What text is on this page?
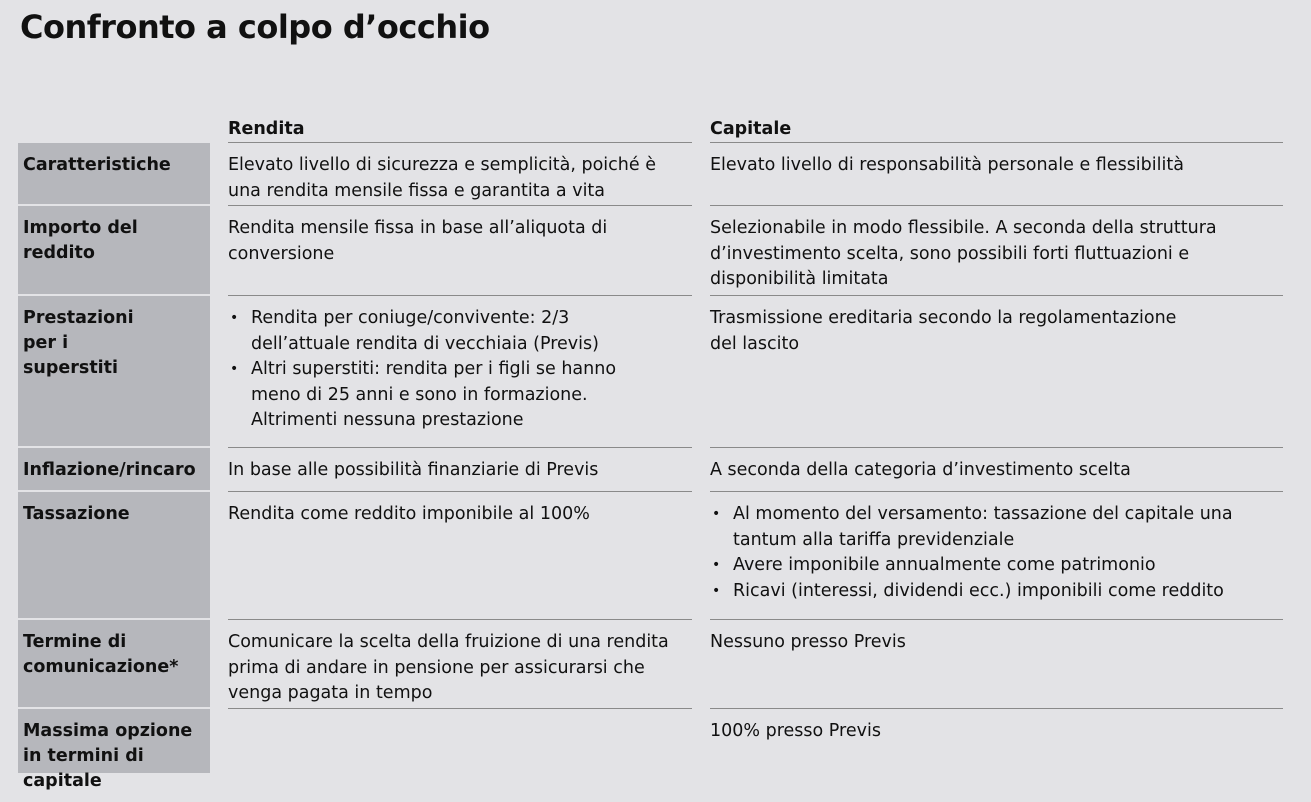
Confronto a colpo d’occhio
Rendita	Capitale
Caratteristiche	Elevato livello di sicurezza e semplicità, poiché è una rendita mensile fissa e garantita a vita
Elevato livello di responsabilità personale e flessibilità
Importo del reddito
Rendita mensile fissa in base all’aliquota di conversione
Selezionabile in modo flessibile. A seconda della struttura d’investimento scelta, sono possibili forti fluttuazioni e disponibilità limitata
Prestazioni per i superstiti
• Rendita per coniuge/convivente: 2/3 dell’attuale rendita di vecchiaia (Previs)
• Altri superstiti: rendita per i figli se hanno meno di 25 anni e sono in formazione. Altrimenti nessuna prestazione
Trasmissione ereditaria secondo la regolamentazione del lascito
Inflazione/rincaro	In base alle possibilità finanziarie di Previs	A seconda della categoria d’investimento scelta
Tassazione	Rendita come reddito imponibile al 100%
•	Al momento del versamento: tassazione del capitale una tantum alla tariffa previdenziale
• Avere imponibile annualmente come patrimonio
• Ricavi (interessi, dividendi ecc.) imponibili come reddito
Termine di comunicazione*
Comunicare la scelta della fruizione di una rendita prima di andare in pensione per assicurarsi che venga pagata in tempo
Nessuno presso Previs
Massima opzione in termini di capitale
100% presso Previs
